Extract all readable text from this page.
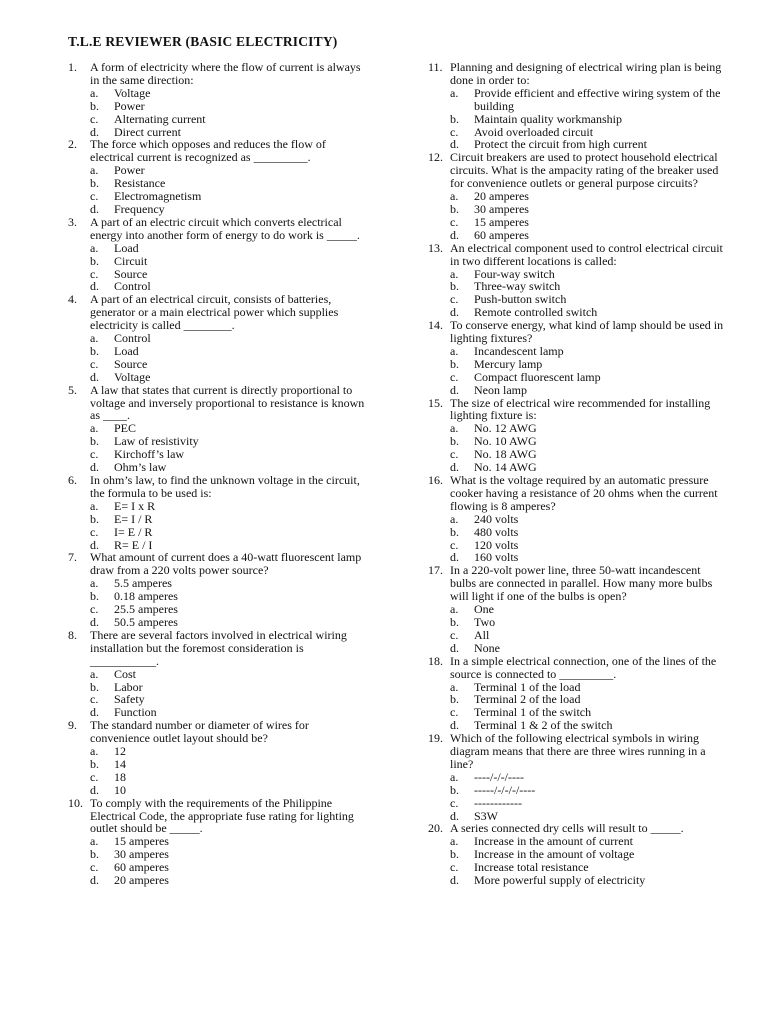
T.L.E REVIEWER (BASIC ELECTRICITY)
1. A form of electricity where the flow of current is always in the same direction:
a. Voltage
b. Power
c. Alternating current
d. Direct current
2. The force which opposes and reduces the flow of electrical current is recognized as _________.
a. Power
b. Resistance
c. Electromagnetism
d. Frequency
3. A part of an electric circuit which converts electrical energy into another form of energy to do work is _____.
a. Load
b. Circuit
c. Source
d. Control
4. A part of an electrical circuit, consists of batteries, generator or a main electrical power which supplies electricity is called ________.
a. Control
b. Load
c. Source
d. Voltage
5. A law that states that current is directly proportional to voltage and inversely proportional to resistance is known as ____.
a. PEC
b. Law of resistivity
c. Kirchoff’s law
d. Ohm’s law
6. In ohm’s law, to find the unknown voltage in the circuit, the formula to be used is:
a. E= I x R
b. E= I / R
c. I= E / R
d. R= E / I
7. What amount of current does a 40-watt fluorescent lamp draw from a 220 volts power source?
a. 5.5 amperes
b. 0.18 amperes
c. 25.5 amperes
d. 50.5 amperes
8. There are several factors involved in electrical wiring installation but the foremost consideration is ___________.
a. Cost
b. Labor
c. Safety
d. Function
9. The standard number or diameter of wires for convenience outlet layout should be?
a. 12
b. 14
c. 18
d. 10
10. To comply with the requirements of the Philippine Electrical Code, the appropriate fuse rating for lighting outlet should be _____.
a. 15 amperes
b. 30 amperes
c. 60 amperes
d. 20 amperes
11. Planning and designing of electrical wiring plan is being done in order to:
a. Provide efficient and effective wiring system of the building
b. Maintain quality workmanship
c. Avoid overloaded circuit
d. Protect the circuit from high current
12. Circuit breakers are used to protect household electrical circuits. What is the ampacity rating of the breaker used for convenience outlets or general purpose circuits?
a. 20 amperes
b. 30 amperes
c. 15 amperes
d. 60 amperes
13. An electrical component used to control electrical circuit in two different locations is called:
a. Four-way switch
b. Three-way switch
c. Push-button switch
d. Remote controlled switch
14. To conserve energy, what kind of lamp should be used in lighting fixtures?
a. Incandescent lamp
b. Mercury lamp
c. Compact fluorescent lamp
d. Neon lamp
15. The size of electrical wire recommended for installing lighting fixture is:
a. No. 12 AWG
b. No. 10 AWG
c. No. 18 AWG
d. No. 14 AWG
16. What is the voltage required by an automatic pressure cooker having a resistance of 20 ohms when the current flowing is 8 amperes?
a. 240 volts
b. 480 volts
c. 120 volts
d. 160 volts
17. In a 220-volt power line, three 50-watt incandescent bulbs are connected in parallel. How many more bulbs will light if one of the bulbs is open?
a. One
b. Two
c. All
d. None
18. In a simple electrical connection, one of the lines of the source is connected to _________.
a. Terminal 1 of the load
b. Terminal 2 of the load
c. Terminal 1 of the switch
d. Terminal 1 & 2 of the switch
19. Which of the following electrical symbols in wiring diagram means that there are three wires running in a line?
a. ----/-/-/----
b. -----/-/-/-/----
c. ------------
d. S3W
20. A series connected dry cells will result to _____.
a. Increase in the amount of current
b. Increase in the amount of voltage
c. Increase total resistance
d. More powerful supply of electricity
